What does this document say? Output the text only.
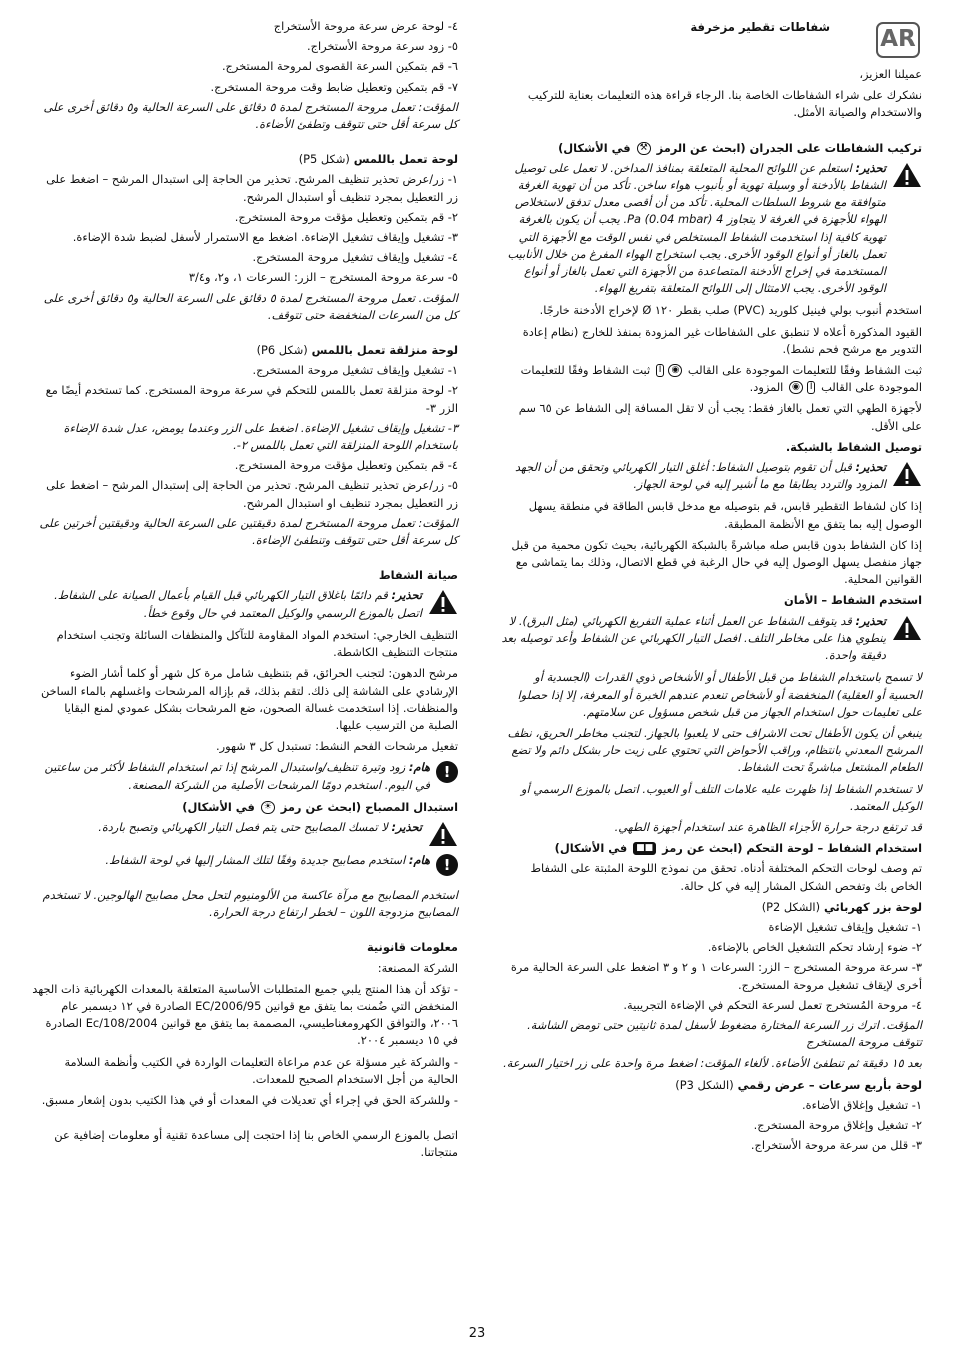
AR
شفاطات تقطير مزخرفة
عميلنا العزيز،
نشكرك على شراء الشفاطات الخاصة بنا. الرجاء قراءة هذه التعليمات بعناية للتركيب والاستخدام والصيانة الأمثل.
تركيب الشفاطات على الجدران (ابحث عن الرمز ⚒ في الأشكال)
تحذير: استعلم عن اللوائح المحلية المتعلقة بمنافذ المداخن. لا تعمل على توصيل الشفاط بالأدخنة أو وسيلة تهوية أو بأنبوب هواء ساخن. تأكد من أن تهوية الغرفة متوافقة مع شروط السلطات المحلية. تأكد من أن أقصى معدل تدفق لاستخلاص الهواء للأجهزة في الغرفة لا يتجاوز 4 Pa (0.04 mbar). يجب أن يكون بالغرفة تهوية كافية إذا استخدمت الشفاط المستخلص في نفس الوقت مع الأجهزة التي تعمل بالغاز أو أنواع الوقود الأخرى. يجب استخراج الهواء المفرغ من خلال الأنابيب المستخدمة في إخراج الأدخنة المتصاعدة من الأجهزة التي تعمل بالغاز أو أنواع الوقود الأخرى. يجب الامتثال إلى اللوائح المتعلقة بتفريغ الهواء.
استخدم أنبوب بولي فينيل كلوريد (PVC) صلب بقطر ١٢٠ Ø لإخراج الأدخنة خارجًا.
القيود المذكورة أعلاه لا تنطبق على الشفاطات غير المزودة بمنفذ للخارج (نظام إعادة التدوير مع مرشح فحم نشط).
ثبت الشفاط وفقًا للتعليمات الموجودة على القالب ◉I ثبت الشفاط وفقًا للتعليمات الموجودة على القالب I◉ المزود.
لأجهزة الطهي التي تعمل بالغاز فقط: يجب أن لا تقل المسافة إلى الشفاط عن ٦٥ سم على الأقل.
توصيل الشفاط بالشبكة.
تحذير: قبل أن تقوم بتوصيل الشفاط: أغلق التيار الكهربائي وتحقق من أن الجهد المزود والتردد يطابقا مع ما أشير إليه في لوحة الجهاز.
إذا كان لشفاط التقطير قابس، قم بتوصيله مع مدخل قابس الطاقة في منطقة يسهل الوصول إليه بما يتفق مع الأنظمة المطبقة.
إذا كان الشفاط بدون قابس صله مباشرةً بالشبكة الكهربائية، بحيث تكون محمية من قبل جهاز منفصل يسهل الوصول إليه في حال الرغبة في قطع الاتصال، وذلك بما يتماشى مع القوانين المحلية.
استخدم الشفاط – الأمان
تحذير: قد يتوقف الشفاط عن العمل أثناء عملية التفريغ الكهربائي (مثل البرق). لا ينطوي هذا على مخاطر التلف. افصل التيار الكهربائي عن الشفاط وأعد توصيله بعد دقيقة واحدة.
لا تسمح باستخدام الشفاط من قبل الأطفال أو الأشخاص ذوي القدرات (الجسدية أو الحسية أو العقلية) المنخفضة أو لأشخاص تنعدم عندهم الخبرة أو المعرفة، إلا إذا حصلوا على تعليمات حول استخدام الجهاز من قبل شخص مسؤول عن سلامتهم.
ينبغي أن يكون الأطفال تحت الاشراف حتى لا يلعبوا بالجهاز. لتجنب مخاطر الحريق، نظف المرشح المعدني بانتظام، وراقب الأحواض التي تحتوي على زيت حار بشكل دائم ولا تضع الطعام المشتعل مباشرةً تحت الشفاط.
لا تستخدم الشفاط إذا ظهرت عليه علامات التلف أو العيوب. اتصل بالموزع الرسمي أو الوكيل المعتمد.
قد ترتفع درجة حرارة الأجزاء الظاهرة عند استخدام أجهزة الطهي.
استخدام الشفاط – لوحة التحكم (ابحث عن رمز ■■ في الأشكال)
تم وصف لوحات التحكم المختلفة أدناه. تحقق من نموذج اللوحة المثبتة على الشفاط الخاص بك وتفحص الشكل المشار إليه في كل حالة.
لوحة بزر كهربائي (الشكل P2)
١- تشغيل وإيقاف تشغيل الإضاءة
٢- ضوء إرشاد تحكم التشغيل الخاص بالإضاءة.
٣- سرعة مروحة المستخرج – الزر: السرعات ١ و ٢ و ٣ اضغط على السرعة الحالية مرة أخرى لإيقاف تشغيل مروحة المستخرج.
٤- مروحة المُستخرج تعمل لسرعة التحكم في الإضاءة التجريبية.
المؤقت. اترك زر السرعة المختارة مضغوط لأسفل لمدة ثانيتين حتى تومض الشاشة. تتوقف مروحة المستخرج
بعد ١٥ دقيقة ثم تنطفئ الأضاءة. لألغاء المؤقت: اضغط مرة واحدة على زر اختيار السرعة.
لوحة بأربع سرعات – عرض رقمي (الشكل P3)
١- تشغيل وإغلاق الأضاءة.
٢- تشغيل وإغلاق مروحة المستخرج.
٣- قلل من سرعة مروحة الأستخراج.
٤- لوحة عرض سرعة مروحة الأستخراج
٥- زود سرعة مروحة الأستخراج.
٦- قم بتمكين السرعة القصوى لمروحة المستخرج.
٧- قم بتمكين وتعطيل ضابط وقت مروحة المستخرج.
المؤقت: تعمل مروحة المستخرج لمدة ٥ دقائق على السرعة الحالية و٥ دقائق أخرى على كل سرعة أقل حتى تتوقف وتطفئ الأضاءة.
لوحة تعمل باللمس (شكل P5)
١- زر/عرض تحذير تنظيف المرشح. تحذير من الحاجة إلى استبدال المرشح – اضغط على زر التعطيل بمجرد تنظيف أو استبدال المرشح.
٢- قم بتمكين وتعطيل مؤقت مروحة المستخرج.
٣- تشغيل وإيقاف تشغيل الإضاءة. اضغط مع الاستمرار لأسفل لضبط شدة الإضاءة.
٤- تشغيل وإيقاف تشغيل مروحة المستخرج.
٥- سرعة مروحة المستخرج – الزر: السرعات ١، و٢، و٣/٤
المؤقت. تعمل مروحة المستخرج لمدة ٥ دقائق على السرعة الحالية و٥ دقائق أخرى على كل من السرعات المنخفضة حتى تتوقف.
لوحة منزلقة تعمل باللمس (شكل P6)
١- تشغيل وإيقاف تشغيل مروحة المستخرج.
٢- لوحة منزلقة تعمل باللمس للتحكم في سرعة مروحة المستخرج. كما تستخدم أيضًا مع الزر ٣-
٣- تشغيل وإيقاف تشغيل الإضاءة. اضغط على الزر وعندما يومض، عدل شدة الإضاءة باستخدام اللوحة المنزلقة التي تعمل باللمس ٢-.
٤- قم بتمكين وتعطيل مؤقت مروحة المستخرج.
٥- زر/عرض تحذير تنظيف المرشح. تحذير من الحاجة إلى إستبدال المرشح – اضغط على زر التعطيل بمجرد تنظيف او استبدال المرشح.
المؤقت: تعمل مروحة المستخرج لمدة دقيقتين على السرعة الحالية ودقيقتين أخرتين على كل سرعة أقل حتى تتوقف وتنطفئ الإضاءة.
صيانة الشفاط
تحذير: قم دائمًا باغلاق التيار الكهربائي قبل القيام بأعمال الصيانة على الشفاط. اتصل بالموزع الرسمي والوكيل المعتمد في حال وقوع خطأ.
التنظيف الخارجي: استخدم المواد المقاومة للتآكل والمنظفات السائلة وتجنب استخدام منتجات التنظيف الكاشطة.
مرشح الدهون: لتجنب الحرائق، قم بتنظيف شامل مرة كل شهر أو كلما أشار الضوء الإرشادي على الشاشة إلى ذلك. لتقم بذلك، قم بإزاله المرشحات واغسلهم بالماء الساخن والمنظفات. إذا استخدمت غسالة الصحون، ضع المرشحات بشكل عمودي لمنع البقايا الصلبة من الترسيب عليها.
تفعيل مرشحات الفحم النشط: تستبدل كل ٣ شهور.
!
هام: زود وتيرة تنظيف/واستبدال المرشح إذا تم استخدام الشفاط لأكثر من ساعتين في اليوم. استخدم دومًا المرشحات الأصلية من الشركة المصنعة.
استبدال المصباح (ابحث عن رمز ☀ في الأشكال)
تحذير: لا تمسك المصابيح حتى يتم فصل التيار الكهربائي وتصبح باردة.
!
هام: استخدم مصابيح جديدة وفقًا لتلك المشار إليها في لوحة الشفاط.
استخدم المصابيح مع مرآة عاكسة من الألومنيوم لتحل محل مصابيح الهالوجين. لا تستخدم المصابيح مزدوجة اللون – لخطر ارتفاع درجة الحرارة.
معلومات قانونية
الشركة المصنعة:
- تؤكد أن هذا المنتج يلبي جميع المتطلبات الأساسية المتعلقة بالمعدات الكهربائية ذات الجهد المنخفض التي ضُمنت بما يتفق مع قوانين 2006/95/EC الصادرة في ١٢ ديسمبر عام ٢٠٠٦، والتوافق الكهرومغناطيسي، المصممة بما يتفق مع قوانين 108/2004/Ec الصادرة في ١٥ ديسمبر ٢٠٠٤.
- والشركة غير مسؤلة عن عدم مراعاة التعليمات الواردة في الكتيب وأنظمة السلامة الحالية من أجل الاستخدام الصحيح للمعدات.
- وللشركة الحق في إجراء أي تعديلات في المعدات أو في هذا الكتيب بدون إشعار مسبق.
اتصل بالموزع الرسمي الخاص بنا إذا احتجت إلى مساعدة تقنية أو معلومات إضافية عن منتجاتنا.
23
